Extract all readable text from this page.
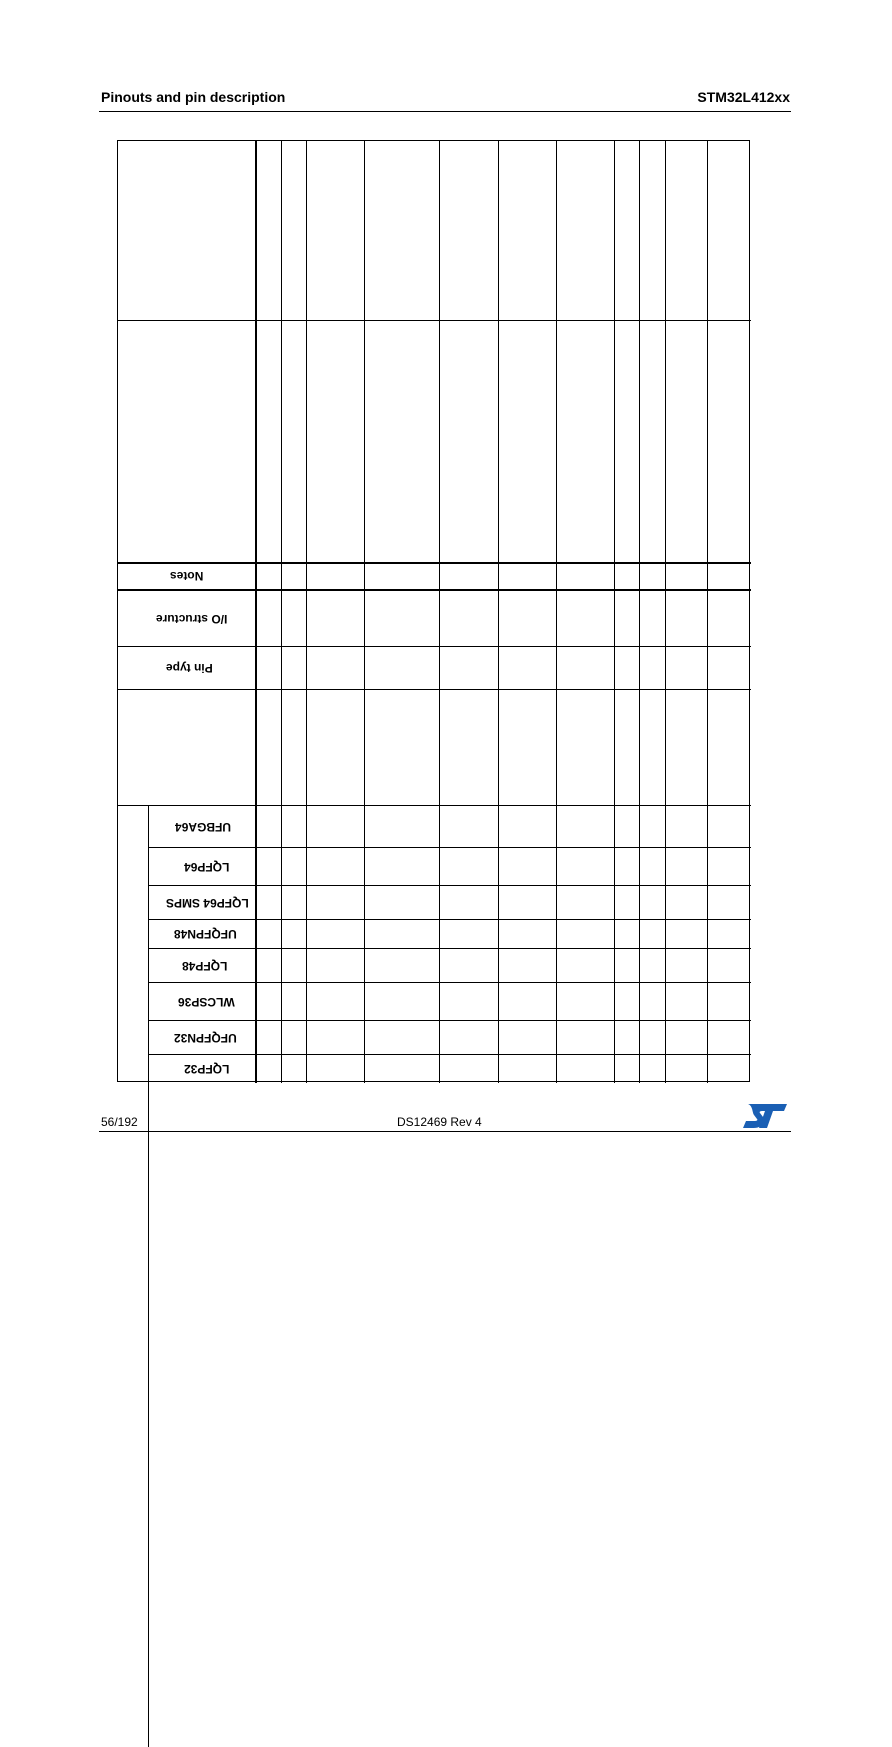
Pinouts and pin description	STM32L412xx
Notes
I/O structure
Pin type
UFBGA64
LQFP64
LQFP64 SMPS
UFQFPN48
LQFP48
WLCSP36
UFQFPN32
LQFP32
56/192	DS12469 Rev 4
